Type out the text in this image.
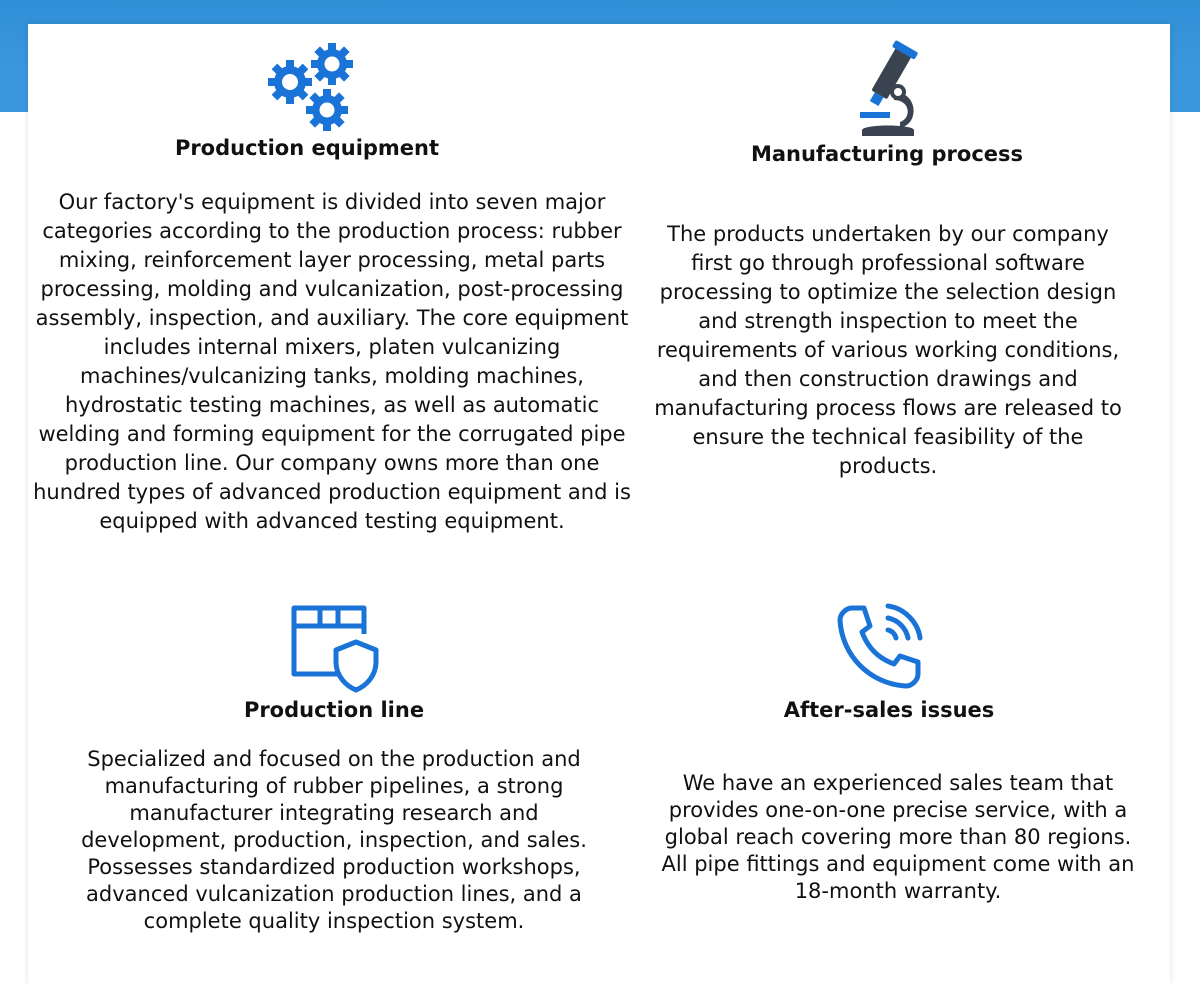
Production equipment
Our factory's equipment is divided into seven major categories according to the production process: rubber mixing, reinforcement layer processing, metal parts processing, molding and vulcanization, post-processing assembly, inspection, and auxiliary. The core equipment includes internal mixers, platen vulcanizing machines/vulcanizing tanks, molding machines, hydrostatic testing machines, as well as automatic welding and forming equipment for the corrugated pipe production line. Our company owns more than one hundred types of advanced production equipment and is equipped with advanced testing equipment.
Manufacturing process
The products undertaken by our company first go through professional software processing to optimize the selection design and strength inspection to meet the requirements of various working conditions, and then construction drawings and manufacturing process flows are released to ensure the technical feasibility of the products.
Production line
Specialized and focused on the production and manufacturing of rubber pipelines, a strong manufacturer integrating research and development, production, inspection, and sales. Possesses standardized production workshops, advanced vulcanization production lines, and a complete quality inspection system.
After-sales issues
We have an experienced sales team that provides one-on-one precise service, with a global reach covering more than 80 regions. All pipe fittings and equipment come with an 18-month warranty.
